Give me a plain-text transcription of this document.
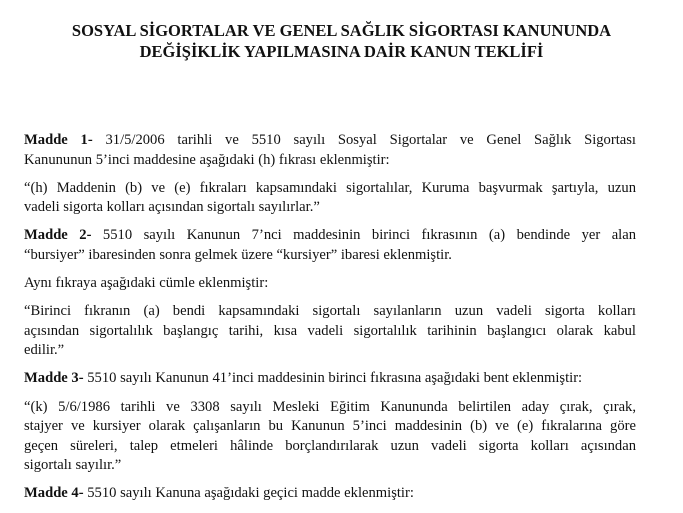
SOSYAL SİGORTALAR VE GENEL SAĞLIK SİGORTASI KANUNUNDA
DEĞİŞİKLİK YAPILMASINA DAİR KANUN TEKLİFİ
Madde 1- 31/5/2006 tarihli ve 5510 sayılı Sosyal Sigortalar ve Genel Sağlık Sigortası
Kanununun 5’inci maddesine aşağıdaki (h) fıkrası eklenmiştir:
“(h) Maddenin (b) ve (e) fıkraları kapsamındaki sigortalılar, Kuruma başvurmak şartıyla, uzun
vadeli sigorta kolları açısından sigortalı sayılırlar.”
Madde 2- 5510 sayılı Kanunun 7’nci maddesinin birinci fıkrasının (a) bendinde yer alan
“bursiyer” ibaresinden sonra gelmek üzere “kursiyer” ibaresi eklenmiştir.
Aynı fıkraya aşağıdaki cümle eklenmiştir:
“Birinci fıkranın (a) bendi kapsamındaki sigortalı sayılanların uzun vadeli sigorta kolları
açısından sigortalılık başlangıç tarihi, kısa vadeli sigortalılık tarihinin başlangıcı olarak kabul
edilir.”
Madde 3- 5510 sayılı Kanunun 41’inci maddesinin birinci fıkrasına aşağıdaki bent eklenmiştir:
“(k) 5/6/1986 tarihli ve 3308 sayılı Mesleki Eğitim Kanununda belirtilen aday çırak, çırak,
stajyer ve kursiyer olarak çalışanların bu Kanunun 5’inci maddesinin (b) ve (e) fıkralarına göre
geçen süreleri, talep etmeleri hâlinde borçlandırılarak uzun vadeli sigorta kolları açısından
sigortalı sayılır.”
Madde 4- 5510 sayılı Kanuna aşağıdaki geçici madde eklenmiştir:
